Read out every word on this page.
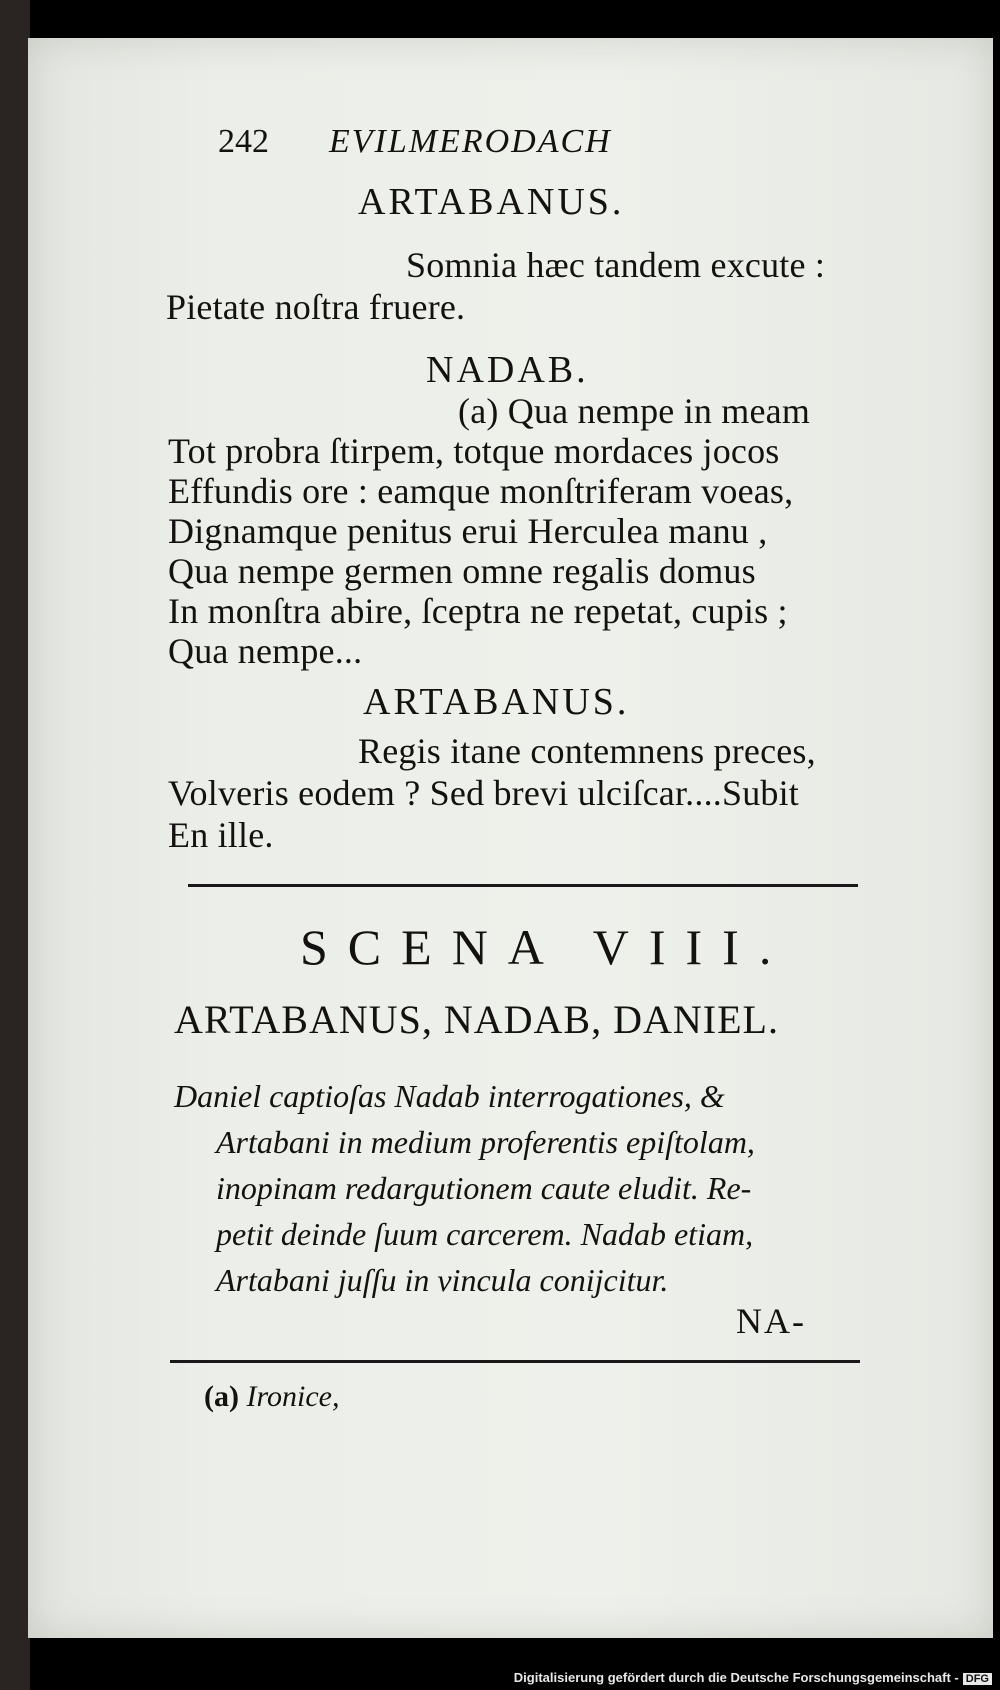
242 EVILMERODACH
ARTABANUS.
Somnia hæc tandem excute :
Pietate noſtra fruere.
NADAB.
(a) Qua nempe in meam
Tot probra ſtirpem, totque mordaces jocos
Effundis ore : eamque monſtriferam voeas,
Dignamque penitus erui Herculea manu ,
Qua nempe germen omne regalis domus
In monſtra abire, ſceptra ne repetat, cupis ;
Qua nempe...
ARTABANUS.
Regis itane contemnens preces,
Volveris eodem ? Sed brevi ulciſcar....Subit
En ille.
SCENA VIII.
ARTABANUS, NADAB, DANIEL.
Daniel captioſas Nadab interrogationes, &
Artabani in medium proferentis epiſtolam,
inopinam redargutionem caute eludit. Re-
petit deinde ſuum carcerem. Nadab etiam,
Artabani juſſu in vincula conijcitur.
NA-
(a) Ironice,
Digitalisierung gefördert durch die Deutsche Forschungsgemeinschaft - DFG
